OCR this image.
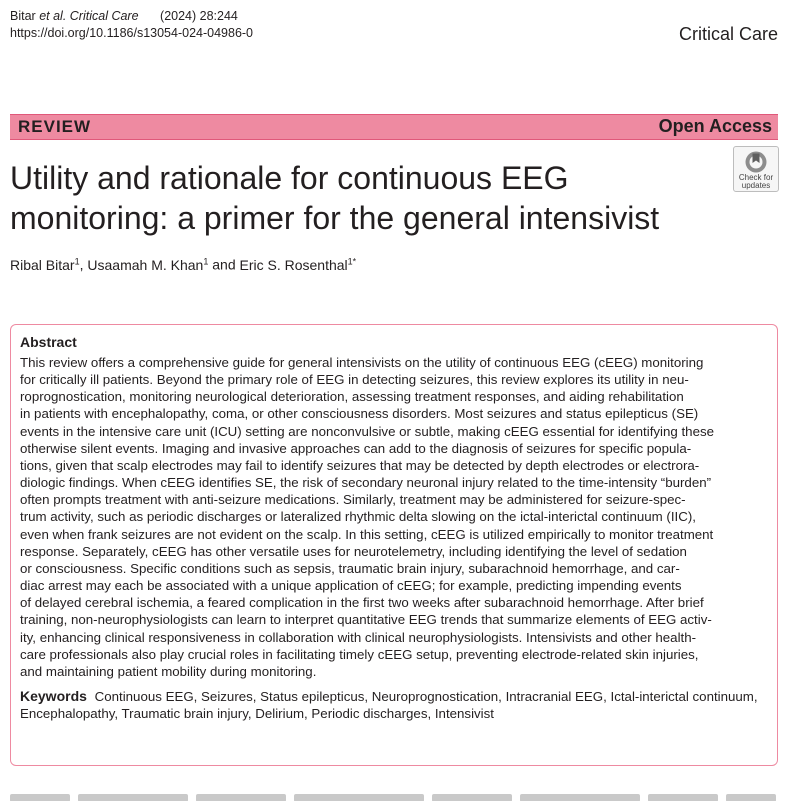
Bitar et al. Critical Care (2024) 28:244
https://doi.org/10.1186/s13054-024-04986-0	Critical Care
REVIEW	Open Access
Utility and rationale for continuous EEG
monitoring: a primer for the general intensivist
Check for
updates
Ribal Bitar$^1$, Usaamah M. Khan$^1$ and Eric S. Rosenthal$^{1*}$

Abstract

This review offers a comprehensive guide for general intensivists on the utility of continuous EEG (cEEG) monitoring
for critically ill patients. Beyond the primary role of EEG in detecting seizures, this review explores its utility in neu-
roprognostication, monitoring neurological deterioration, assessing treatment responses, and aiding rehabilitation
in patients with encephalopathy, coma, or other consciousness disorders. Most seizures and status epilepticus (SE)
events in the intensive care unit (ICU) setting are nonconvulsive or subtle, making cEEG essential for identifying these
otherwise silent events. Imaging and invasive approaches can add to the diagnosis of seizures for specific popula-
tions, given that scalp electrodes may fail to identify seizures that may be detected by depth electrodes or electrora-
diologic findings. When cEEG identifies SE, the risk of secondary neuronal injury related to the time-intensity “burden”
often prompts treatment with anti-seizure medications. Similarly, treatment may be administered for seizure-spec-
trum activity, such as periodic discharges or lateralized rhythmic delta slowing on the ictal-interictal continuum (IIC),
even when frank seizures are not evident on the scalp. In this setting, cEEG is utilized empirically to monitor treatment
response. Separately, cEEG has other versatile uses for neurotelemetry, including identifying the level of sedation
or consciousness. Specific conditions such as sepsis, traumatic brain injury, subarachnoid hemorrhage, and car-
diac arrest may each be associated with a unique application of cEEG; for example, predicting impending events
of delayed cerebral ischemia, a feared complication in the first two weeks after subarachnoid hemorrhage. After brief
training, non-neurophysiologists can learn to interpret quantitative EEG trends that summarize elements of EEG activ-
ity, enhancing clinical responsiveness in collaboration with clinical neurophysiologists. Intensivists and other health-
care professionals also play crucial roles in facilitating timely cEEG setup, preventing electrode-related skin injuries,
and maintaining patient mobility during monitoring.

Keywords Continuous EEG, Seizures, Status epilepticus, Neuroprognostication, Intracranial EEG, Ictal-interictal continuum, Encephalopathy, Traumatic brain injury, Delirium, Periodic discharges, Intensivist
